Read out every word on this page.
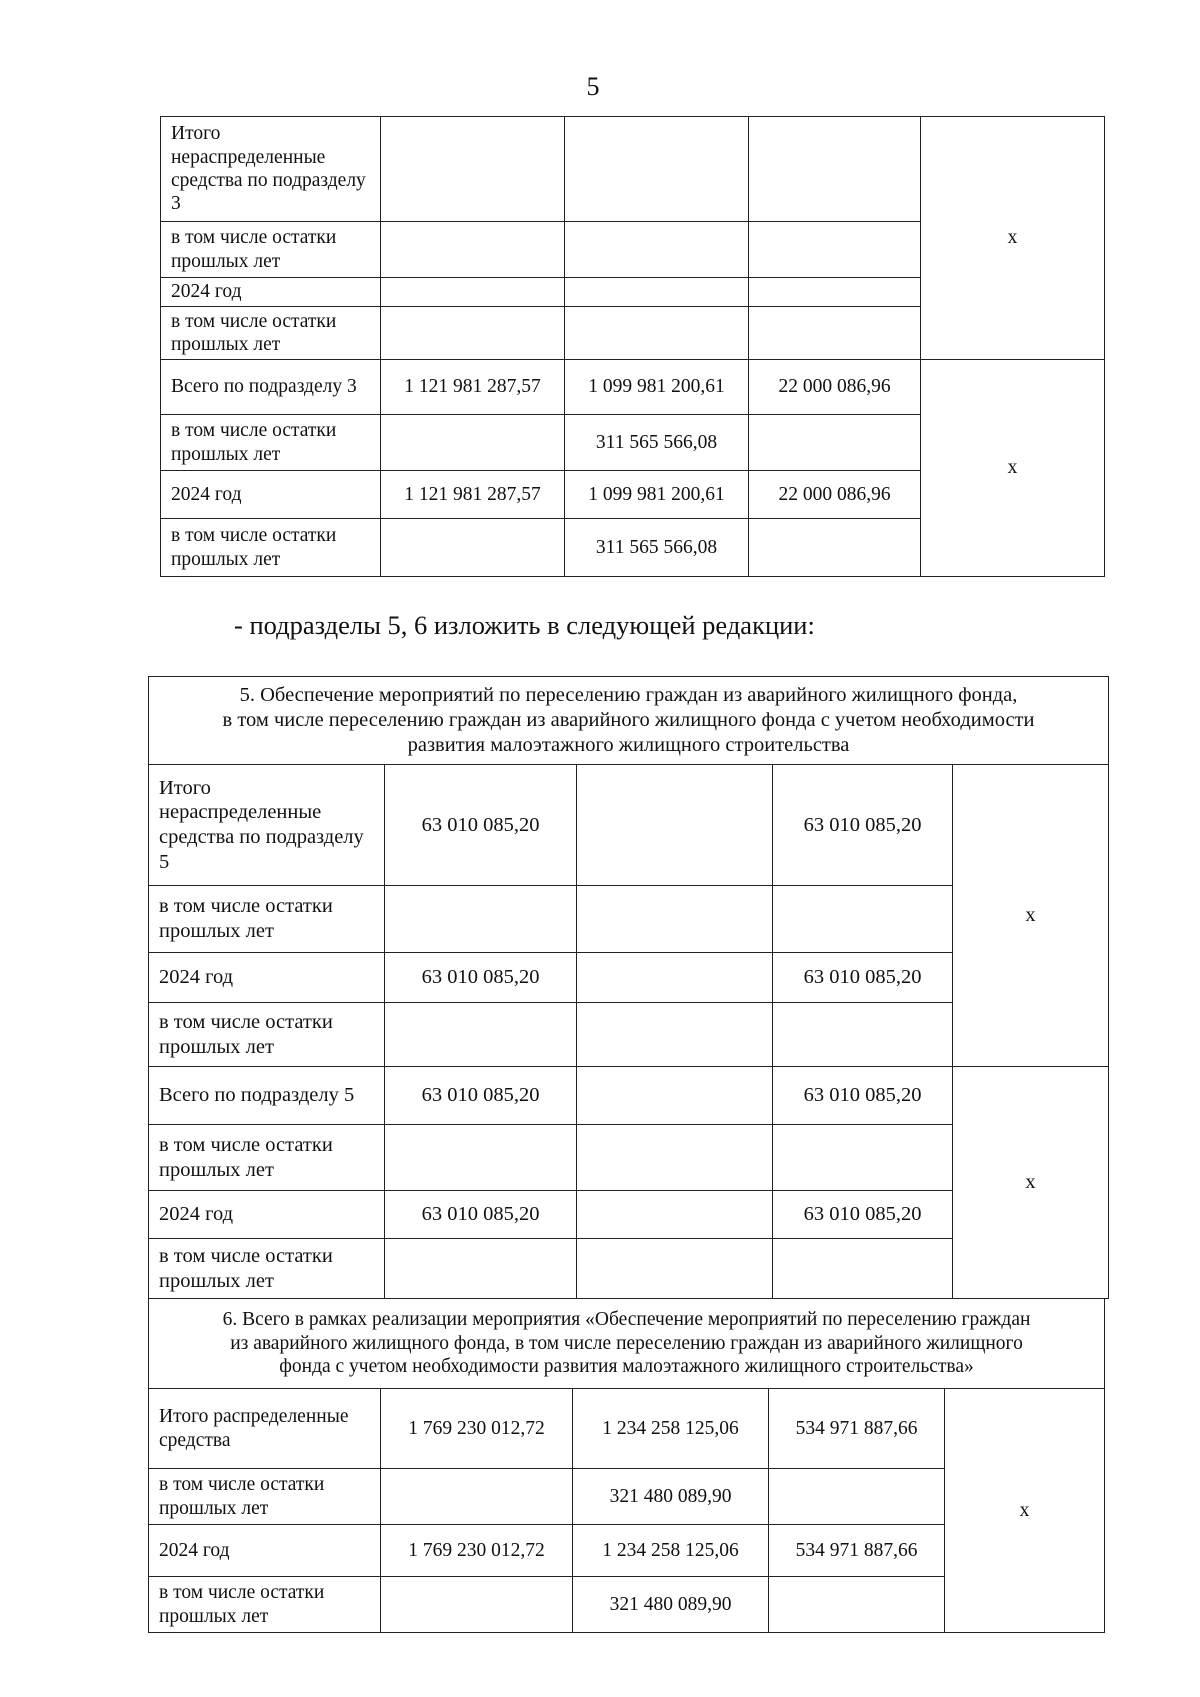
5
Итого нераспределенные средства по подразделу 3				x
в том числе остатки прошлых лет				
2024 год				
в том числе остатки прошлых лет				
Всего по подразделу 3	1 121 981 287,57	1 099 981 200,61	22 000 086,96	x
в том числе остатки прошлых лет		311 565 566,08		
2024 год	1 121 981 287,57	1 099 981 200,61	22 000 086,96	
в том числе остатки прошлых лет		311 565 566,08		
- подразделы 5, 6 изложить в следующей редакции:
5. Обеспечение мероприятий по переселению граждан из аварийного жилищного фонда,
в том числе переселению граждан из аварийного жилищного фонда с учетом необходимости
развития малоэтажного жилищного строительства				

Итого нераспределенные средства по подразделу 5	63 010 085,20		63 010 085,20	x
в том числе остатки прошлых лет				
2024 год	63 010 085,20		63 010 085,20	
в том числе остатки прошлых лет				
Всего по подразделу 5	63 010 085,20		63 010 085,20	x
в том числе остатки прошлых лет				
2024 год	63 010 085,20		63 010 085,20	
в том числе остатки прошлых лет				
6. Всего в рамках реализации мероприятия «Обеспечение мероприятий по переселению граждан
из аварийного жилищного фонда, в том числе переселению граждан из аварийного жилищного
фонда с учетом необходимости развития малоэтажного жилищного строительства»				

Итого распределенные средства	1 769 230 012,72	1 234 258 125,06	534 971 887,66	x
в том числе остатки прошлых лет		321 480 089,90		
2024 год	1 769 230 012,72	1 234 258 125,06	534 971 887,66	
в том числе остатки прошлых лет		321 480 089,90		
